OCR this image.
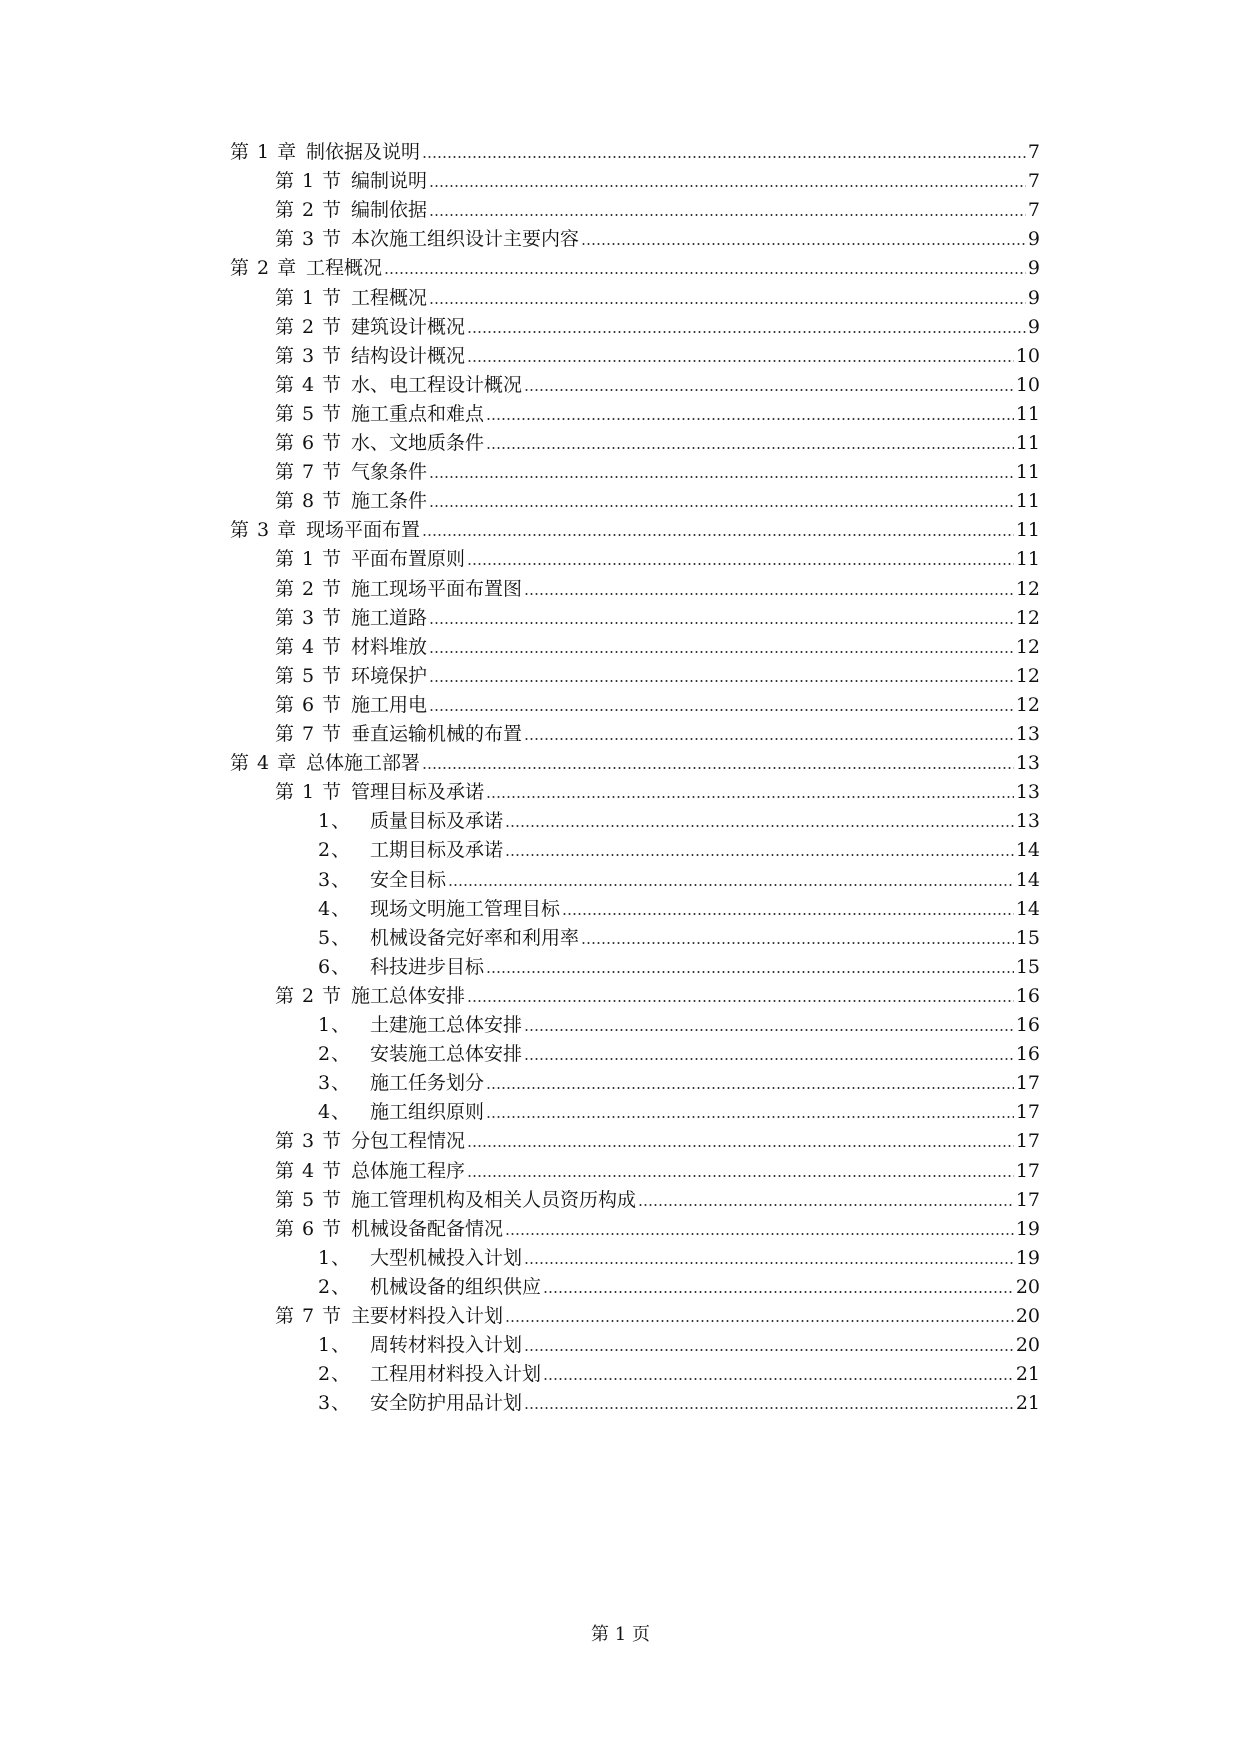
第 1 章 制依据及说明	7
第 1 节 编制说明	7
第 2 节 编制依据	7
第 3 节 本次施工组织设计主要内容	9
第 2 章 工程概况	9
第 1 节 工程概况	9
第 2 节 建筑设计概况	9
第 3 节 结构设计概况	10
第 4 节 水、电工程设计概况	10
第 5 节 施工重点和难点	11
第 6 节 水、文地质条件	11
第 7 节 气象条件	11
第 8 节 施工条件	11
第 3 章 现场平面布置	11
第 1 节 平面布置原则	11
第 2 节 施工现场平面布置图	12
第 3 节 施工道路	12
第 4 节 材料堆放	12
第 5 节 环境保护	12
第 6 节 施工用电	12
第 7 节 垂直运输机械的布置	13
第 4 章 总体施工部署	13
第 1 节 管理目标及承诺	13
1、 质量目标及承诺	13
2、 工期目标及承诺	14
3、 安全目标	14
4、 现场文明施工管理目标	14
5、 机械设备完好率和利用率	15
6、 科技进步目标	15
第 2 节 施工总体安排	16
1、 土建施工总体安排	16
2、 安装施工总体安排	16
3、 施工任务划分	17
4、 施工组织原则	17
第 3 节 分包工程情况	17
第 4 节 总体施工程序	17
第 5 节 施工管理机构及相关人员资历构成	17
第 6 节 机械设备配备情况	19
1、 大型机械投入计划	19
2、 机械设备的组织供应	20
第 7 节 主要材料投入计划	20
1、 周转材料投入计划	20
2、 工程用材料投入计划	21
3、 安全防护用品计划	21
第 1 页
